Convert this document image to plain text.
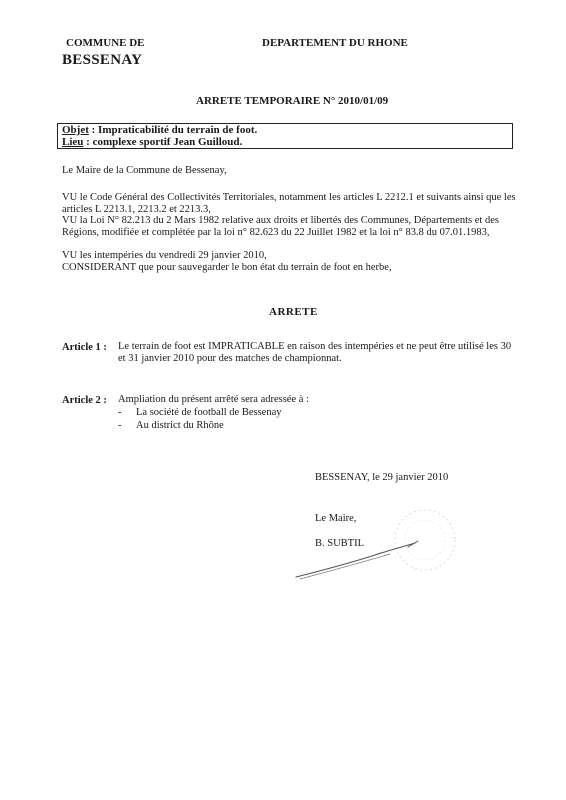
COMMUNE DE
BESSENAY
DEPARTEMENT DU RHONE
ARRETE TEMPORAIRE N° 2010/01/09
Objet : Impraticabilité du terrain de foot.
Lieu : complexe sportif Jean Guilloud.
Le Maire de la Commune de Bessenay,
VU le Code Général des Collectivités Territoriales, notamment les articles L 2212.1 et suivants ainsi que les articles L 2213.1, 2213.2 et 2213.3,
VU la Loi N° 82.213 du 2 Mars 1982 relative aux droits et libertés des Communes, Départements et des Régions, modifiée et complétée par la loi n° 82.623 du 22 Juillet 1982 et la loi n° 83.8 du 07.01.1983,
VU les intempéries du vendredi 29 janvier 2010,
CONSIDERANT que pour sauvegarder le bon état du terrain de foot en herbe,
ARRETE
Article 1 : Le terrain de foot est IMPRATICABLE en raison des intempéries et ne peut être utilisé les 30 et 31 janvier 2010 pour des matches de championnat.
Article 2 : Ampliation du présent arrêté sera adressée à :
- La société de football de Bessenay
- Au district du Rhône
BESSENAY, le 29 janvier 2010
Le Maire,
B. SUBTIL
